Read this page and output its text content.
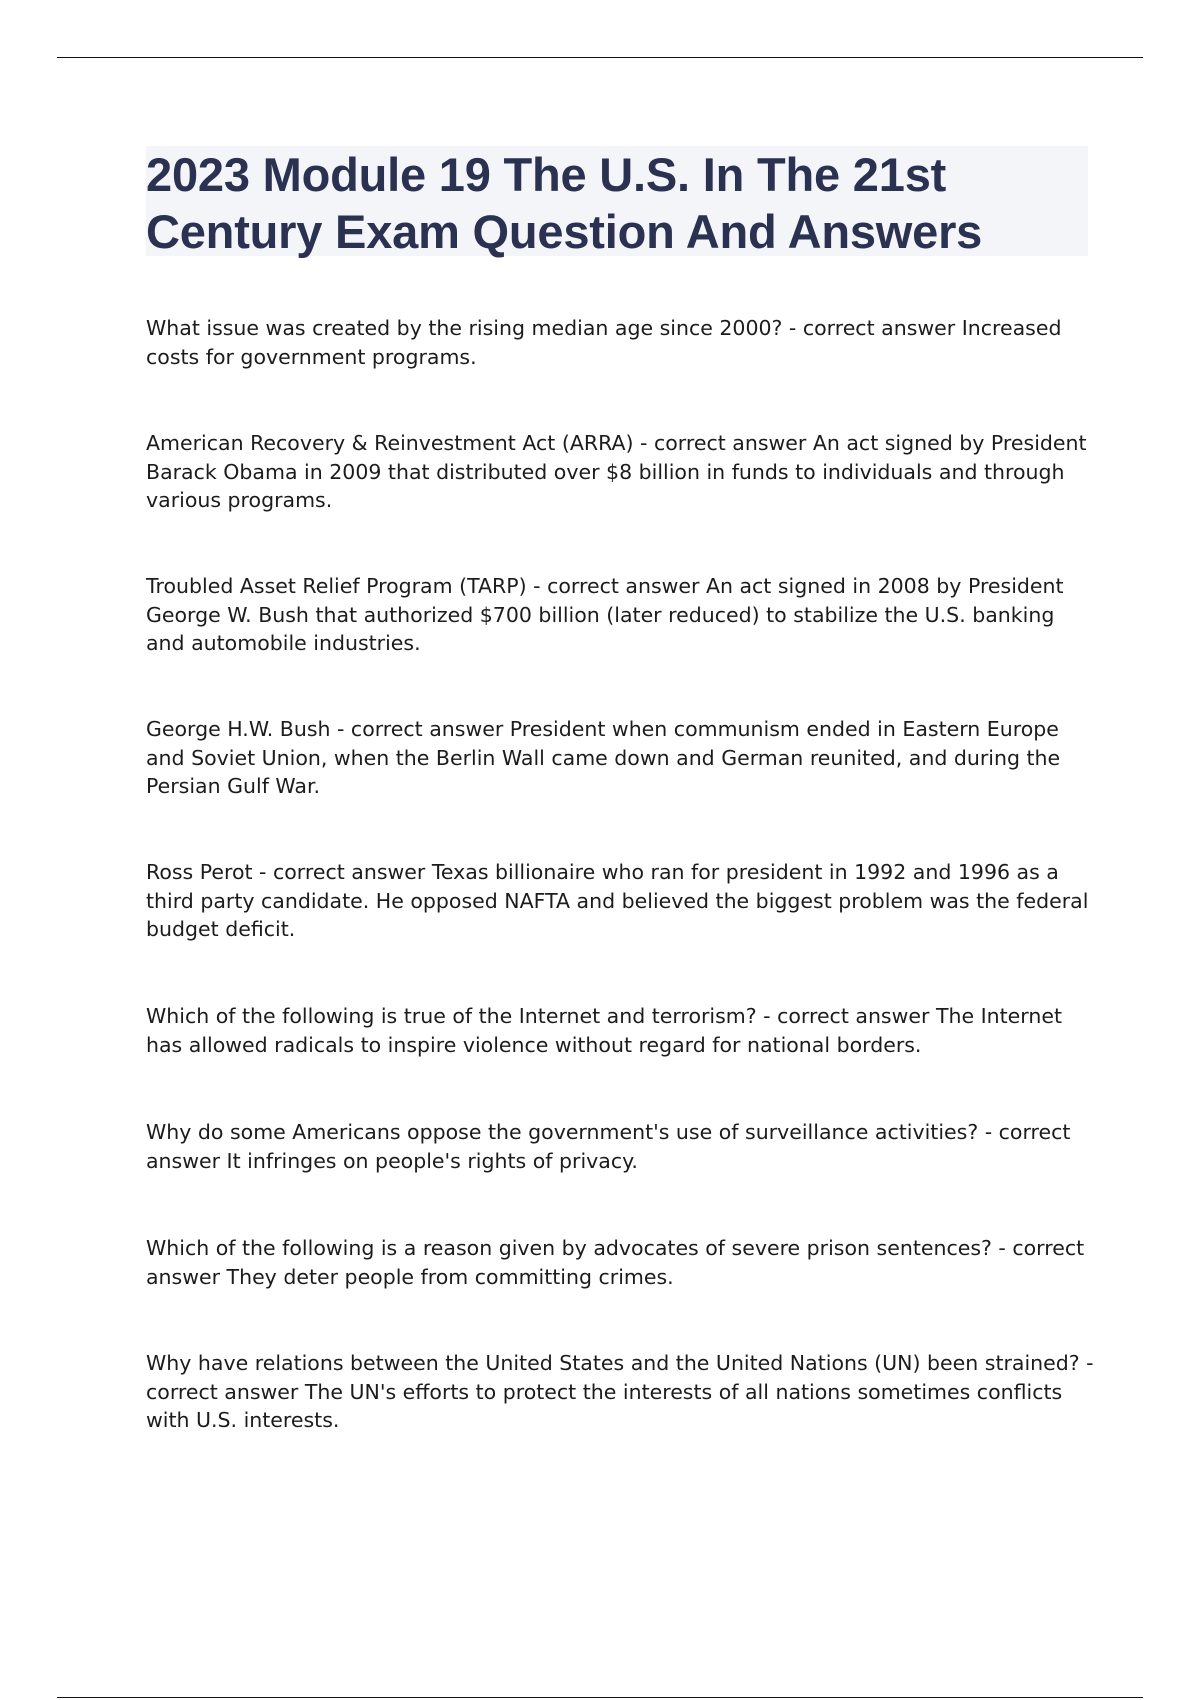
2023 Module 19 The U.S. In The 21st Century Exam Question And Answers

What issue was created by the rising median age since 2000? - correct answer Increased costs for government programs.

American Recovery & Reinvestment Act (ARRA) - correct answer An act signed by President Barack Obama in 2009 that distributed over $8 billion in funds to individuals and through various programs.

Troubled Asset Relief Program (TARP) - correct answer An act signed in 2008 by President George W. Bush that authorized $700 billion (later reduced) to stabilize the U.S. banking and automobile industries.

George H.W. Bush - correct answer President when communism ended in Eastern Europe and Soviet Union, when the Berlin Wall came down and German reunited, and during the Persian Gulf War.

Ross Perot - correct answer Texas billionaire who ran for president in 1992 and 1996 as a third party candidate. He opposed NAFTA and believed the biggest problem was the federal budget deficit.

Which of the following is true of the Internet and terrorism? - correct answer The Internet has allowed radicals to inspire violence without regard for national borders.

Why do some Americans oppose the government's use of surveillance activities? - correct answer It infringes on people's rights of privacy.

Which of the following is a reason given by advocates of severe prison sentences? - correct answer They deter people from committing crimes.

Why have relations between the United States and the United Nations (UN) been strained? - correct answer The UN's efforts to protect the interests of all nations sometimes conflicts with U.S. interests.
